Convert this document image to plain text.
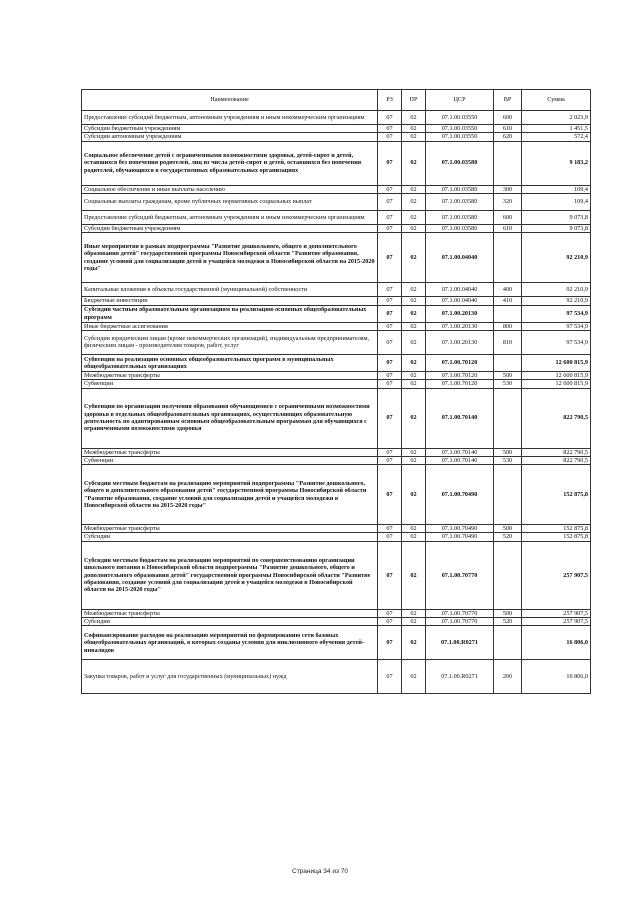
Наименование	РЗ	ПР	ЦСР	ВР	Сумма
Предоставление субсидий бюджетным, автономным учреждениям и иным некоммерческим организациям	07	02	07.1.00.03550	600	2 023,9
Субсидии бюджетным учреждениям	07	02	07.1.00.03550	610	1 451,5
Субсидии автономным учреждениям	07	02	07.1.00.03550	620	572,4
Социальное обеспечение детей с ограниченными возможностями здоровья, детей-сирот и детей, оставшихся без попечения родителей, лиц из числа детей-сирот и детей, оставшихся без попечения родителей, обучающихся в государственных образовательных организациях	07	02	07.1.00.03580		9 183,2
Социальное обеспечение и иные выплаты населению	07	02	07.1.00.03580	300	109,4
Социальные выплаты гражданам, кроме публичных нормативных социальных выплат	07	02	07.1.00.03580	320	109,4
Предоставление субсидий бюджетным, автономным учреждениям и иным некоммерческим организациям	07	02	07.1.00.03580	600	9 073,8
Субсидии бюджетным учреждениям	07	02	07.1.00.03580	610	9 073,8
Иные мероприятия в рамках подпрограммы "Развитие дошкольного, общего и дополнительного образования детей" государственной программы Новосибирской области "Развитие образования, создание условий для социализации детей и учащейся молодежи в Новосибирской области на 2015-2020 годы"	07	02	07.1.00.04040		92 210,9
Капитальные вложения в объекты государственной (муниципальной) собственности	07	02	07.1.00.04040	400	92 210,9
Бюджетные инвестиции	07	02	07.1.00.04040	410	92 210,9
Субсидии частным образовательным организациям на реализацию основных общеобразовательных программ	07	02	07.1.00.20130		97 534,9
Иные бюджетные ассигнования	07	02	07.1.00.20130	800	97 534,9
Субсидии юридическим лицам (кроме некоммерческих организаций), индивидуальным предпринимателям, физическим лицам - производителям товаров, работ, услуг	07	02	07.1.00.20130	810	97 534,9
Субвенции на реализацию основных общеобразовательных программ в муниципальных общеобразовательных организациях	07	02	07.1.00.70120		12 600 815,9
Межбюджетные трансферты	07	02	07.1.00.70120	500	12 600 815,9
Субвенции	07	02	07.1.00.70120	530	12 600 815,9
Субвенции по организации получения образования обучающимися с ограниченными возможностями здоровья в отдельных общеобразовательных организациях, осуществляющих образовательную деятельность по адаптированным основным общеобразовательным программам для обучающихся с ограниченными возможностями здоровья	07	02	07.1.00.70140		822 790,5
Межбюджетные трансферты	07	02	07.1.00.70140	500	822 790,5
Субвенции	07	02	07.1.00.70140	530	822 790,5
Субсидии местным бюджетам на реализацию мероприятий подпрограммы "Развитие дошкольного, общего и дополнительного образования детей" государственной программы Новосибирской области "Развитие образования, создание условий для социализации детей и учащейся молодежи в Новосибирской области на 2015-2020 годы"	07	02	07.1.00.70490		152 875,8
Межбюджетные трансферты	07	02	07.1.00.70490	500	152 875,8
Субсидии	07	02	07.1.00.70490	520	152 875,8
Субсидии местным бюджетам на реализацию мероприятий по совершенствованию организации школьного питания в Новосибирской области подпрограммы "Развитие дошкольного, общего и дополнительного образования детей" государственной программы Новосибирской области "Развитие образования, создание условий для социализации детей и учащейся молодежи в Новосибирской области на 2015-2020 годы"	07	02	07.1.00.70770		257 907,5
Межбюджетные трансферты	07	02	07.1.00.70770	500	257 907,5
Субсидии	07	02	07.1.00.70770	520	257 907,5
Софинансирование расходов на реализацию мероприятий по формированию сети базовых общеобразовательных организаций, в которых созданы условия для инклюзивного обучения детей-инвалидов	07	02	07.1.00.R0271		16 806,0
Закупка товаров, работ и услуг для государственных (муниципальных) нужд	07	02	07.1.00.R0271	200	16 806,0
Страница 34 из 70
